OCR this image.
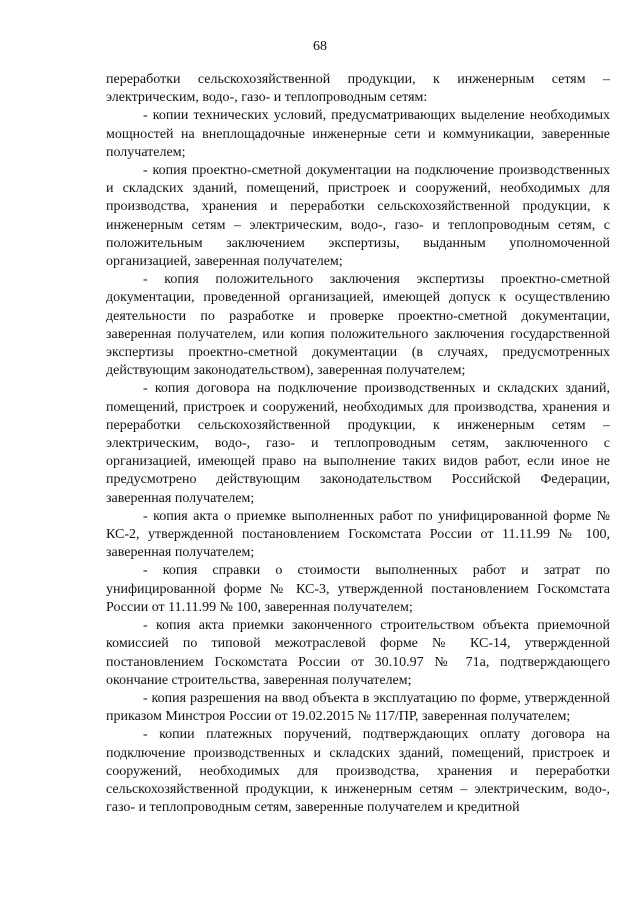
68

переработки сельскохозяйственной продукции, к инженерным сетям – электрическим, водо-, газо- и теплопроводным сетям:

- копии технических условий, предусматривающих выделение необходимых мощностей на внеплощадочные инженерные сети и коммуникации, заверенные получателем;

- копия проектно-сметной документации на подключение производственных и складских зданий, помещений, пристроек и сооружений, необходимых для производства, хранения и переработки сельскохозяйственной продукции, к инженерным сетям – электрическим, водо-, газо- и теплопроводным сетям, с положительным заключением экспертизы, выданным уполномоченной организацией, заверенная получателем;

- копия положительного заключения экспертизы проектно-сметной документации, проведенной организацией, имеющей допуск к осуществлению деятельности по разработке и проверке проектно-сметной документации, заверенная получателем, или копия положительного заключения государственной экспертизы проектно-сметной документации (в случаях, предусмотренных действующим законодательством), заверенная получателем;

- копия договора на подключение производственных и складских зданий, помещений, пристроек и сооружений, необходимых для производства, хранения и переработки сельскохозяйственной продукции, к инженерным сетям – электрическим, водо-, газо- и теплопроводным сетям, заключенного с организацией, имеющей право на выполнение таких видов работ, если иное не предусмотрено действующим законодательством Российской Федерации, заверенная получателем;

- копия акта о приемке выполненных работ по унифицированной форме № КС-2, утвержденной постановлением Госкомстата России от 11.11.99 № 100, заверенная получателем;

- копия справки о стоимости выполненных работ и затрат по унифицированной форме № КС-3, утвержденной постановлением Госкомстата России от 11.11.99 № 100, заверенная получателем;

- копия акта приемки законченного строительством объекта приемочной комиссией по типовой межотраслевой форме № КС-14, утвержденной постановлением Госкомстата России от 30.10.97 № 71а, подтверждающего окончание строительства, заверенная получателем;

- копия разрешения на ввод объекта в эксплуатацию по форме, утвержденной приказом Минстроя России от 19.02.2015 № 117/ПР, заверенная получателем;

- копии платежных поручений, подтверждающих оплату договора на подключение производственных и складских зданий, помещений, пристроек и сооружений, необходимых для производства, хранения и переработки сельскохозяйственной продукции, к инженерным сетям – электрическим, водо-, газо- и теплопроводным сетям, заверенные получателем и кредитной
